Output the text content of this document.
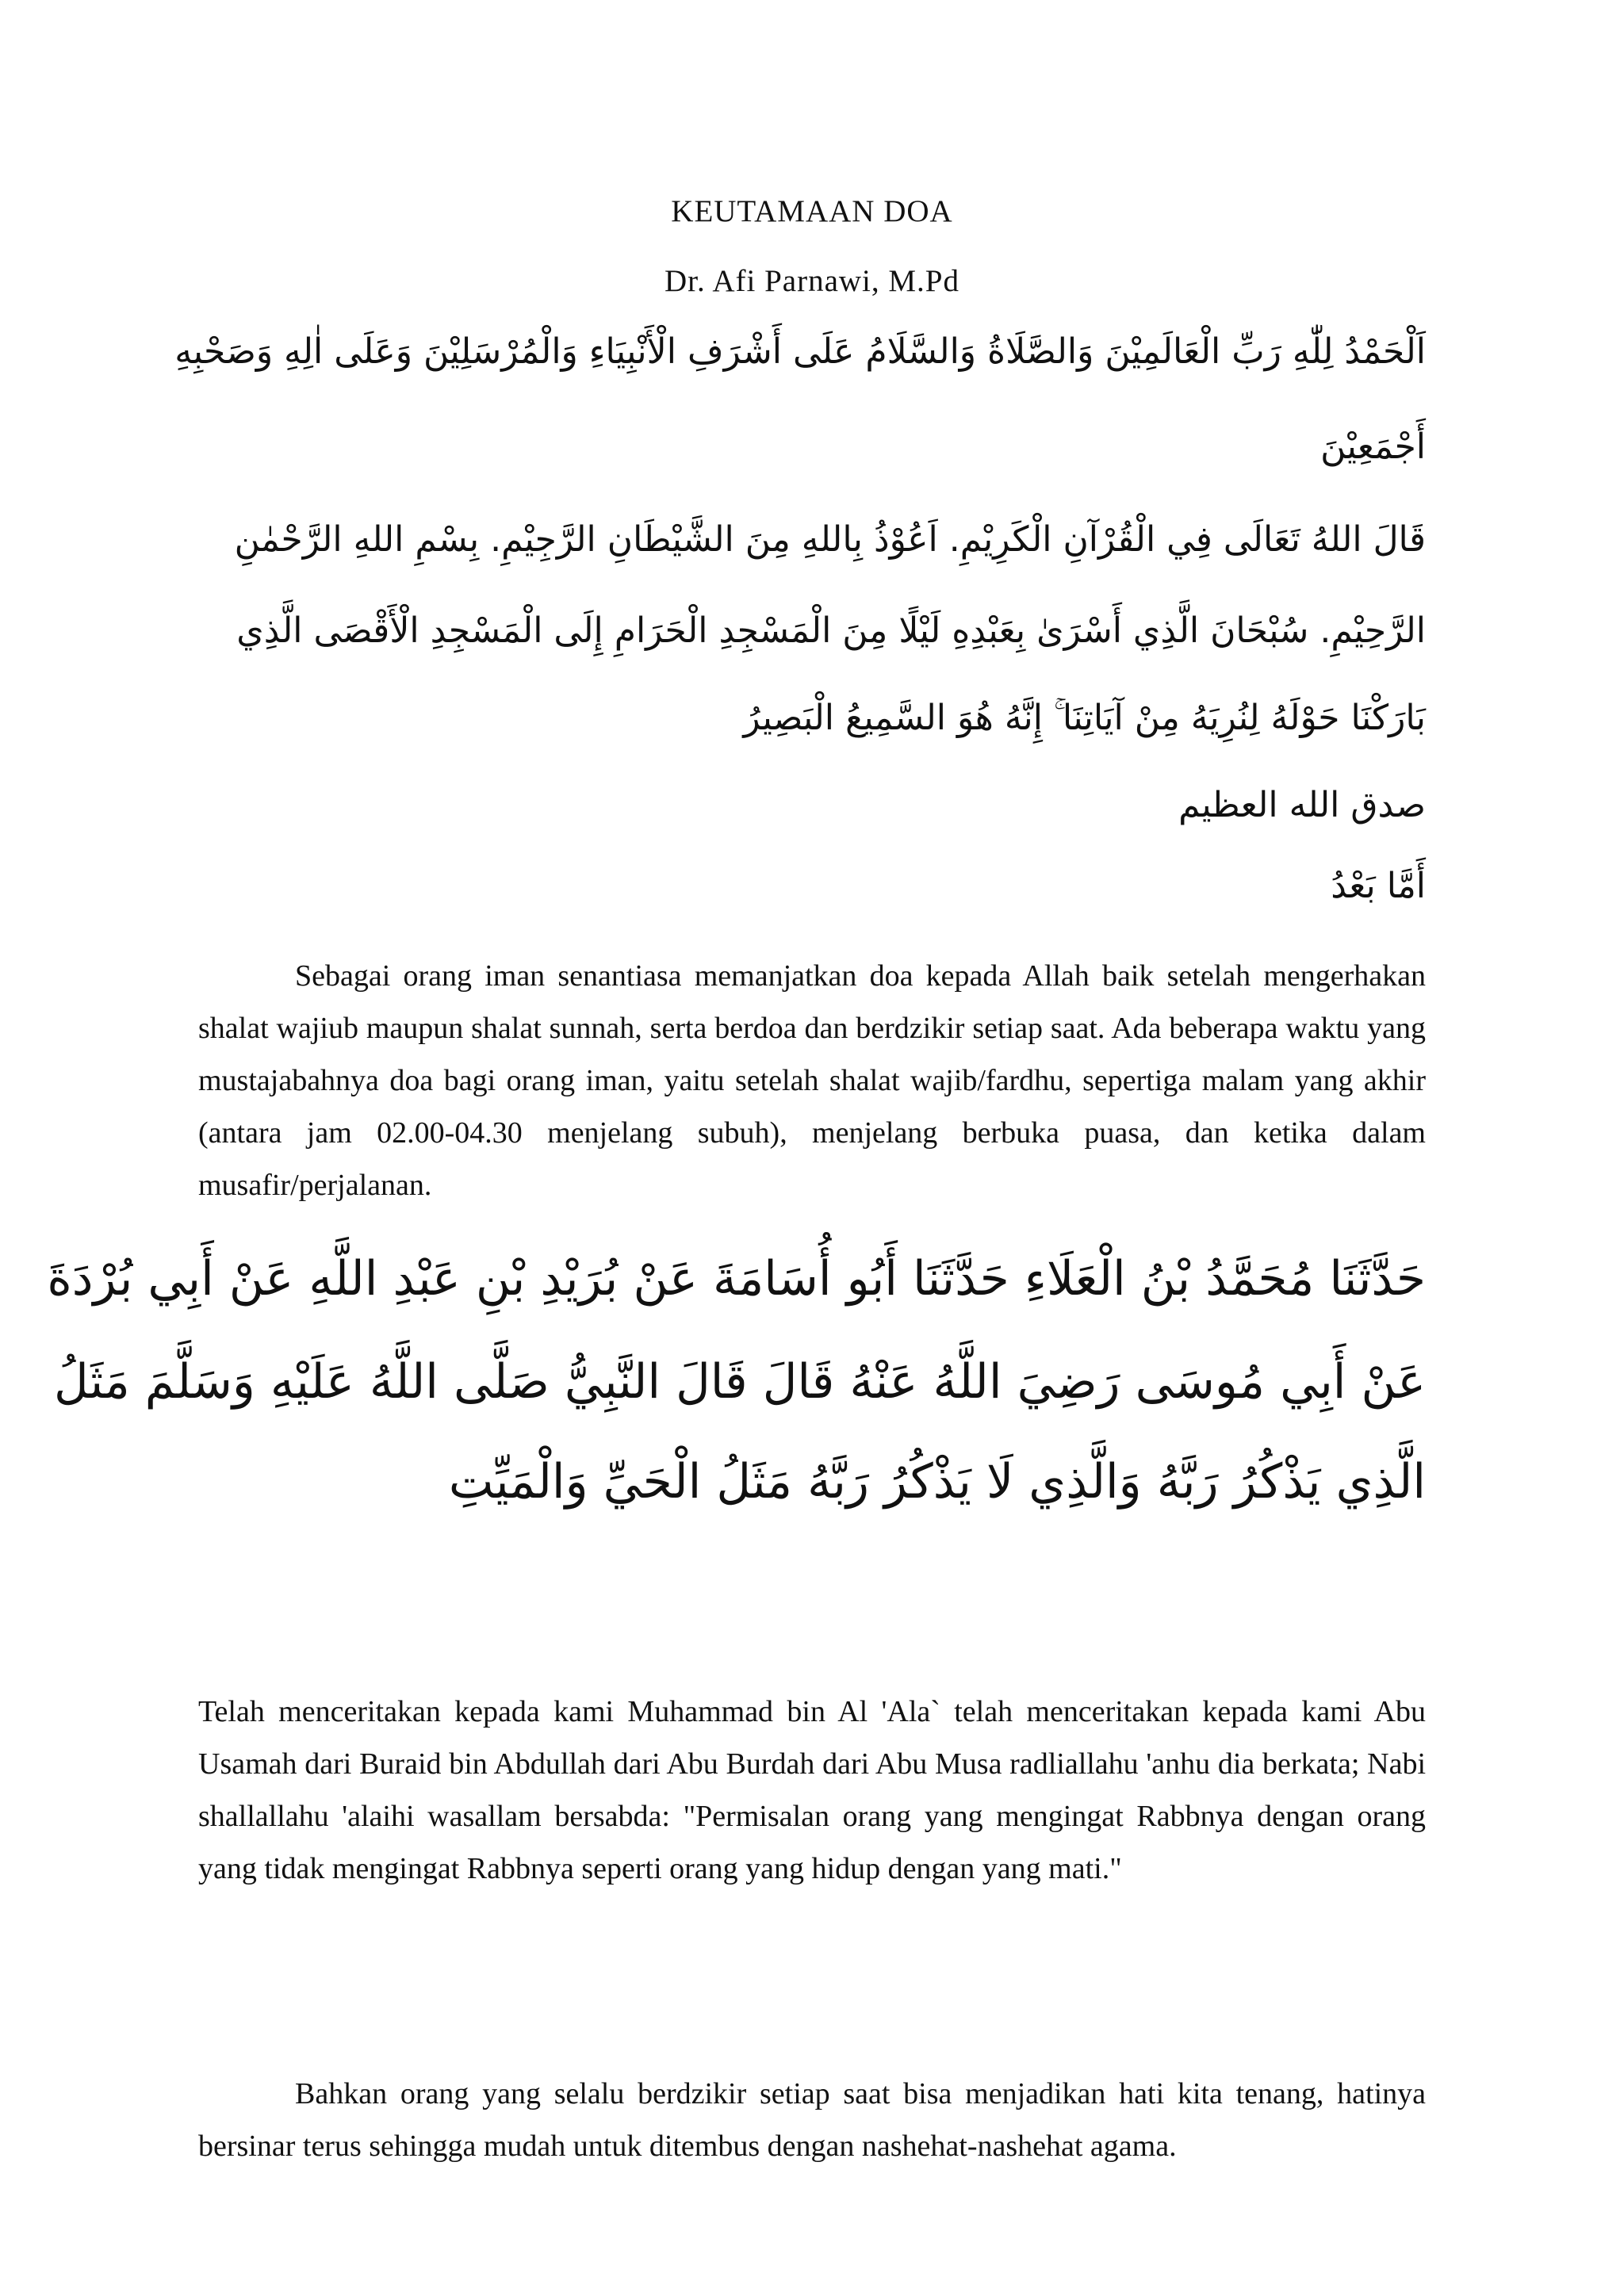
KEUTAMAAN DOA
Dr. Afi Parnawi, M.Pd
اَلْحَمْدُ لِلّٰهِ رَبِّ الْعَالَمِيْنَ وَالصَّلَاةُ وَالسَّلَامُ عَلَى أَشْرَفِ الْأَنْبِيَاءِ وَالْمُرْسَلِيْنَ وَعَلَى اٰلِهِ وَصَحْبِهِ
أَجْمَعِيْنَ
قَالَ اللهُ تَعَالَى فِي الْقُرْآنِ الْكَرِيْمِ. اَعُوْذُ بِاللهِ مِنَ الشَّيْطَانِ الرَّجِيْمِ. بِسْمِ اللهِ الرَّحْمٰنِ
الرَّحِيْمِ. سُبْحَانَ الَّذِي أَسْرَىٰ بِعَبْدِهِ لَيْلًا مِنَ الْمَسْجِدِ الْحَرَامِ إِلَى الْمَسْجِدِ الْأَقْصَى الَّذِي
بَارَكْنَا حَوْلَهُ لِنُرِيَهُ مِنْ آيَاتِنَا ۚ إِنَّهُ هُوَ السَّمِيعُ الْبَصِيرُ
صدق الله العظيم
أَمَّا بَعْدُ

Sebagai orang iman senantiasa memanjatkan doa kepada Allah baik setelah mengerhakan shalat wajiub maupun shalat sunnah, serta berdoa dan berdzikir setiap saat. Ada beberapa waktu yang mustajabahnya doa bagi orang iman, yaitu setelah shalat wajib/fardhu, sepertiga malam yang akhir (antara jam 02.00-04.30 menjelang subuh), menjelang berbuka puasa, dan ketika dalam musafir/perjalanan.

حَدَّثَنَا مُحَمَّدُ بْنُ الْعَلَاءِ حَدَّثَنَا أَبُو أُسَامَةَ عَنْ بُرَيْدِ بْنِ عَبْدِ اللَّهِ عَنْ أَبِي بُرْدَةَ
عَنْ أَبِي مُوسَى رَضِيَ اللَّهُ عَنْهُ قَالَ قَالَ النَّبِيُّ صَلَّى اللَّهُ عَلَيْهِ وَسَلَّمَ مَثَلُ
الَّذِي يَذْكُرُ رَبَّهُ وَالَّذِي لَا يَذْكُرُ رَبَّهُ مَثَلُ الْحَيِّ وَالْمَيِّتِ

Telah menceritakan kepada kami Muhammad bin Al 'Ala` telah menceritakan kepada kami Abu Usamah dari Buraid bin Abdullah dari Abu Burdah dari Abu Musa radliallahu 'anhu dia berkata; Nabi shallallahu 'alaihi wasallam bersabda: "Permisalan orang yang mengingat Rabbnya dengan orang yang tidak mengingat Rabbnya seperti orang yang hidup dengan yang mati."

Bahkan orang yang selalu berdzikir setiap saat bisa menjadikan hati kita tenang, hatinya bersinar terus sehingga mudah untuk ditembus dengan nashehat-nashehat agama.
